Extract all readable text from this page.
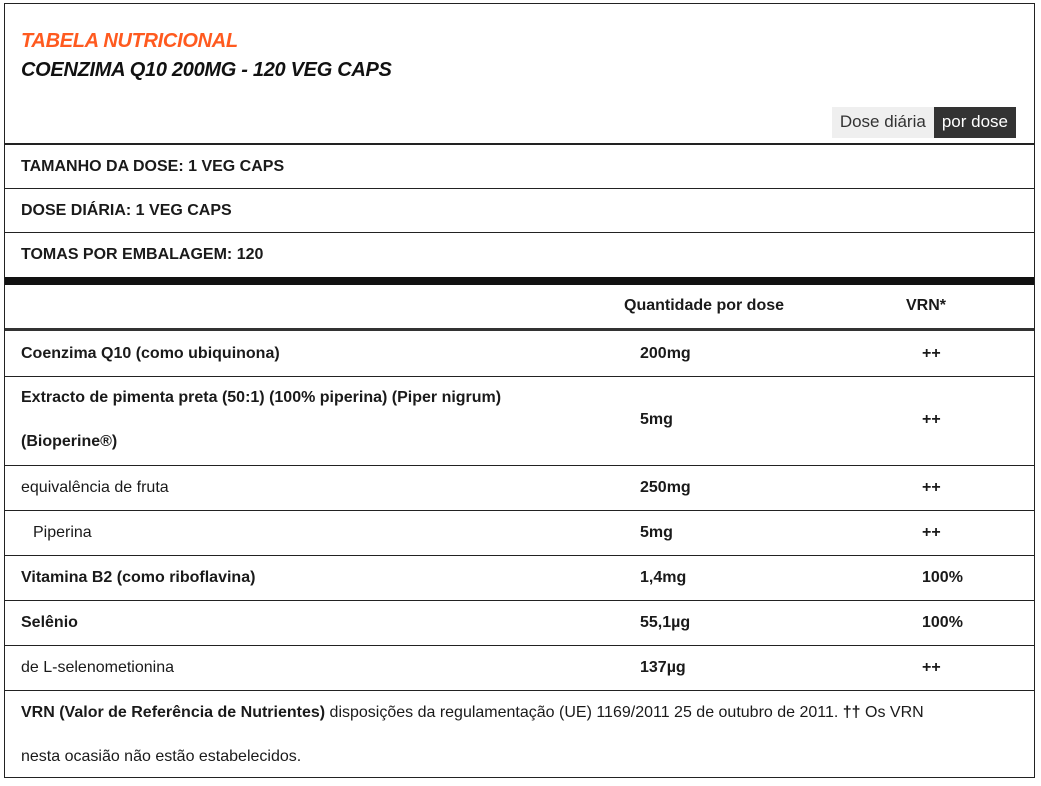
TABELA NUTRICIONAL
COENZIMA Q10 200MG - 120 VEG CAPS
Dose diária por dose
TAMANHO DA DOSE: 1 VEG CAPS
DOSE DIÁRIA: 1 VEG CAPS
TOMAS POR EMBALAGEM: 120
Quantidade por dose	VRN*
Coenzima Q10 (como ubiquinona)	200mg	++
Extracto de pimenta preta (50:1) (100% piperina) (Piper nigrum)
(Bioperine®)
5mg	++
equivalência de fruta	250mg	++
Piperina	5mg	++
Vitamina B2 (como riboflavina)	1,4mg	100%
Selênio	55,1µg	100%
de L-selenometionina	137µg	++
VRN (Valor de Referência de Nutrientes) disposições da regulamentação (UE) 1169/2011 25 de outubro de 2011. †† Os VRN
nesta ocasião não estão estabelecidos.
